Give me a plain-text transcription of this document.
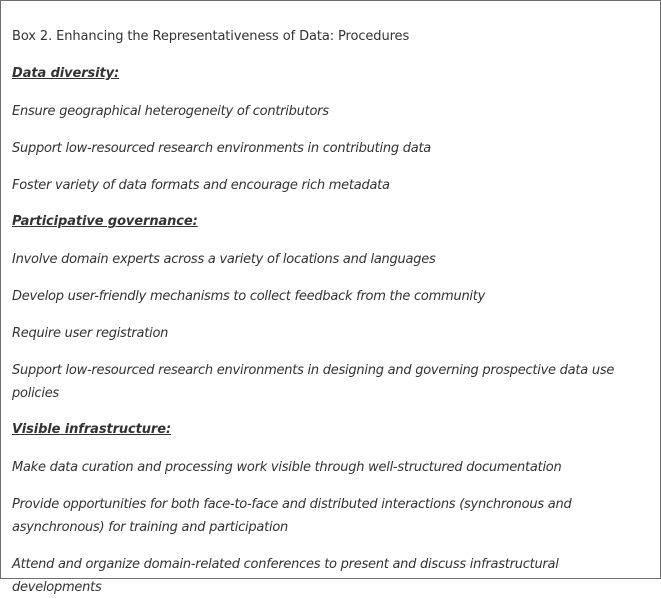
Box 2. Enhancing the Representativeness of Data: Procedures
Data diversity:
Ensure geographical heterogeneity of contributors
Support low-resourced research environments in contributing data
Foster variety of data formats and encourage rich metadata
Participative governance:
Involve domain experts across a variety of locations and languages
Develop user-friendly mechanisms to collect feedback from the community
Require user registration
Support low-resourced research environments in designing and governing prospective data use policies
Visible infrastructure:
Make data curation and processing work visible through well-structured documentation
Provide opportunities for both face-to-face and distributed interactions (synchronous and asynchronous) for training and participation
Attend and organize domain-related conferences to present and discuss infrastructural developments
